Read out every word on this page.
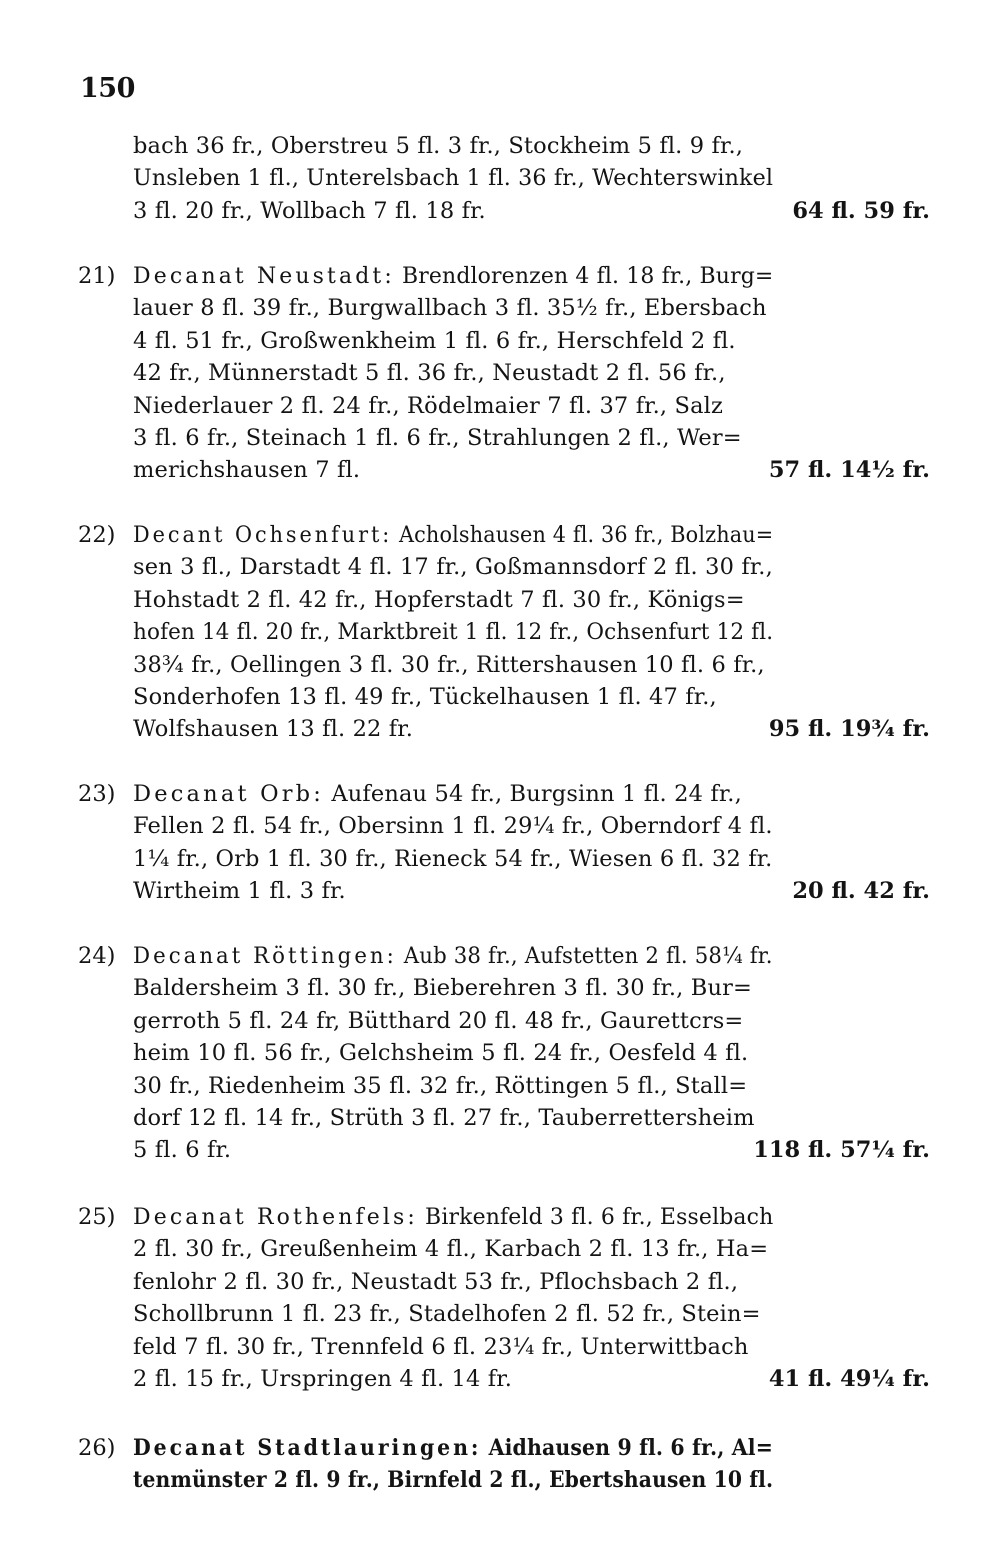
150
bach 36 fr., Oberstreu 5 fl. 3 fr., Stockheim 5 fl. 9 fr.,
Unsleben 1 fl., Unterelsbach 1 fl. 36 fr., Wechterswinkel
3 fl. 20 fr., Wollbach 7 fl. 18 fr.	64 fl. 59 fr.
21) Decanat Neustadt: Brendlorenzen 4 fl. 18 fr., Burg=
lauer 8 fl. 39 fr., Burgwallbach 3 fl. 35½ fr., Ebersbach
4 fl. 51 fr., Großwenkheim 1 fl. 6 fr., Herschfeld 2 fl.
42 fr., Münnerstadt 5 fl. 36 fr., Neustadt 2 fl. 56 fr.,
Niederlauer 2 fl. 24 fr., Rödelmaier 7 fl. 37 fr., Salz
3 fl. 6 fr., Steinach 1 fl. 6 fr., Strahlungen 2 fl., Wer=
merichshausen 7 fl.	57 fl. 14½ fr.
22) Decant Ochsenfurt: Acholshausen 4 fl. 36 fr., Bolzhau=
sen 3 fl., Darstadt 4 fl. 17 fr., Goßmannsdorf 2 fl. 30 fr.,
Hohstadt 2 fl. 42 fr., Hopferstadt 7 fl. 30 fr., Königs=
hofen 14 fl. 20 fr., Marktbreit 1 fl. 12 fr., Ochsenfurt 12 fl.
38¾ fr., Oellingen 3 fl. 30 fr., Rittershausen 10 fl. 6 fr.,
Sonderhofen 13 fl. 49 fr., Tückelhausen 1 fl. 47 fr.,
Wolfshausen 13 fl. 22 fr.	95 fl. 19¾ fr.
23) Decanat Orb: Aufenau 54 fr., Burgsinn 1 fl. 24 fr.,
Fellen 2 fl. 54 fr., Obersinn 1 fl. 29¼ fr., Oberndorf 4 fl.
1¼ fr., Orb 1 fl. 30 fr., Rieneck 54 fr., Wiesen 6 fl. 32 fr.
Wirtheim 1 fl. 3 fr.	20 fl. 42 fr.
24) Decanat Röttingen: Aub 38 fr., Aufstetten 2 fl. 58¼ fr.
Baldersheim 3 fl. 30 fr., Bieberehren 3 fl. 30 fr., Bur=
gerroth 5 fl. 24 fr, Bütthard 20 fl. 48 fr., Gaurettcrs=
heim 10 fl. 56 fr., Gelchsheim 5 fl. 24 fr., Oesfeld 4 fl.
30 fr., Riedenheim 35 fl. 32 fr., Röttingen 5 fl., Stall=
dorf 12 fl. 14 fr., Strüth 3 fl. 27 fr., Tauberrettersheim
5 fl. 6 fr.	118 fl. 57¼ fr.
25) Decanat Rothenfels: Birkenfeld 3 fl. 6 fr., Esselbach
2 fl. 30 fr., Greußenheim 4 fl., Karbach 2 fl. 13 fr., Ha=
fenlohr 2 fl. 30 fr., Neustadt 53 fr., Pflochsbach 2 fl.,
Schollbrunn 1 fl. 23 fr., Stadelhofen 2 fl. 52 fr., Stein=
feld 7 fl. 30 fr., Trennfeld 6 fl. 23¼ fr., Unterwittbach
2 fl. 15 fr., Urspringen 4 fl. 14 fr.	41 fl. 49¼ fr.
26) Decanat Stadtlauringen: Aidhausen 9 fl. 6 fr., Al=
tenmünster 2 fl. 9 fr., Birnfeld 2 fl., Ebertshausen 10 fl.
